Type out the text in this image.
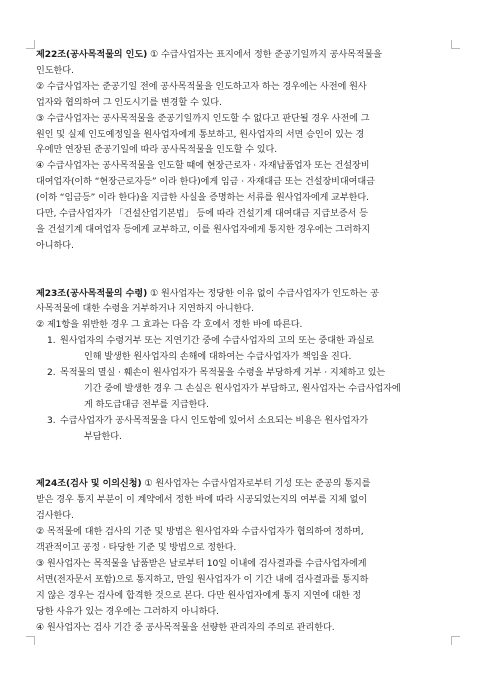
제22조(공사목적물의 인도) ① 수급사업자는 표지에서 정한 준공기일까지 공사목적물을
인도한다.
② 수급사업자는 준공기일 전에 공사목적물을 인도하고자 하는 경우에는 사전에 원사
업자와 협의하여 그 인도시기를 변경할 수 있다.
③ 수급사업자는 공사목적물을 준공기일까지 인도할 수 없다고 판단될 경우 사전에 그
원인 및 실제 인도예정일을 원사업자에게 통보하고, 원사업자의 서면 승인이 있는 경
우에만 연장된 준공기일에 따라 공사목적물을 인도할 수 있다.
④ 수급사업자는 공사목적물을 인도할 때에 현장근로자 · 자재납품업자 또는 건설장비
대여업자(이하 “현장근로자등” 이라 한다)에게 임금 · 자재대금 또는 건설장비대여대금
(이하 “임금등” 이라 한다)을 지급한 사실을 증명하는 서류를 원사업자에게 교부한다.
다만, 수급사업자가 「건설산업기본법」 등에 따라 건설기계 대여대금 지급보증서 등
을 건설기계 대여업자 등에게 교부하고, 이를 원사업자에게 통지한 경우에는 그러하지
아니하다.
제23조(공사목적물의 수령) ① 원사업자는 정당한 이유 없이 수급사업자가 인도하는 공
사목적물에 대한 수령을 거부하거나 지연하지 아니한다.
② 제1항을 위반한 경우 그 효과는 다음 각 호에서 정한 바에 따른다.
1. 원사업자의 수령거부 또는 지연기간 중에 수급사업자의 고의 또는 중대한 과실로
인해 발생한 원사업자의 손해에 대하여는 수급사업자가 책임을 진다.
2. 목적물의 멸실 · 훼손이 원사업자가 목적물을 수령을 부당하게 거부 · 지체하고 있는
기간 중에 발생한 경우 그 손실은 원사업자가 부담하고, 원사업자는 수급사업자에
게 하도급대금 전부를 지급한다.
3. 수급사업자가 공사목적물을 다시 인도함에 있어서 소요되는 비용은 원사업자가
부담한다.
제24조(검사 및 이의신청) ① 원사업자는 수급사업자로부터 기성 또는 준공의 통지를
받은 경우 통지 부분이 이 계약에서 정한 바에 따라 시공되었는지의 여부를 지체 없이
검사한다.
② 목적물에 대한 검사의 기준 및 방법은 원사업자와 수급사업자가 협의하여 정하며,
객관적이고 공정 · 타당한 기준 및 방법으로 정한다.
③ 원사업자는 목적물을 납품받은 날로부터 10일 이내에 검사결과를 수급사업자에게
서면(전자문서 포함)으로 통지하고, 만일 원사업자가 이 기간 내에 검사결과를 통지하
지 않은 경우는 검사에 합격한 것으로 본다. 다만 원사업자에게 통지 지연에 대한 정
당한 사유가 있는 경우에는 그러하지 아니하다.
④ 원사업자는 검사 기간 중 공사목적물을 선량한 관리자의 주의로 관리한다.
